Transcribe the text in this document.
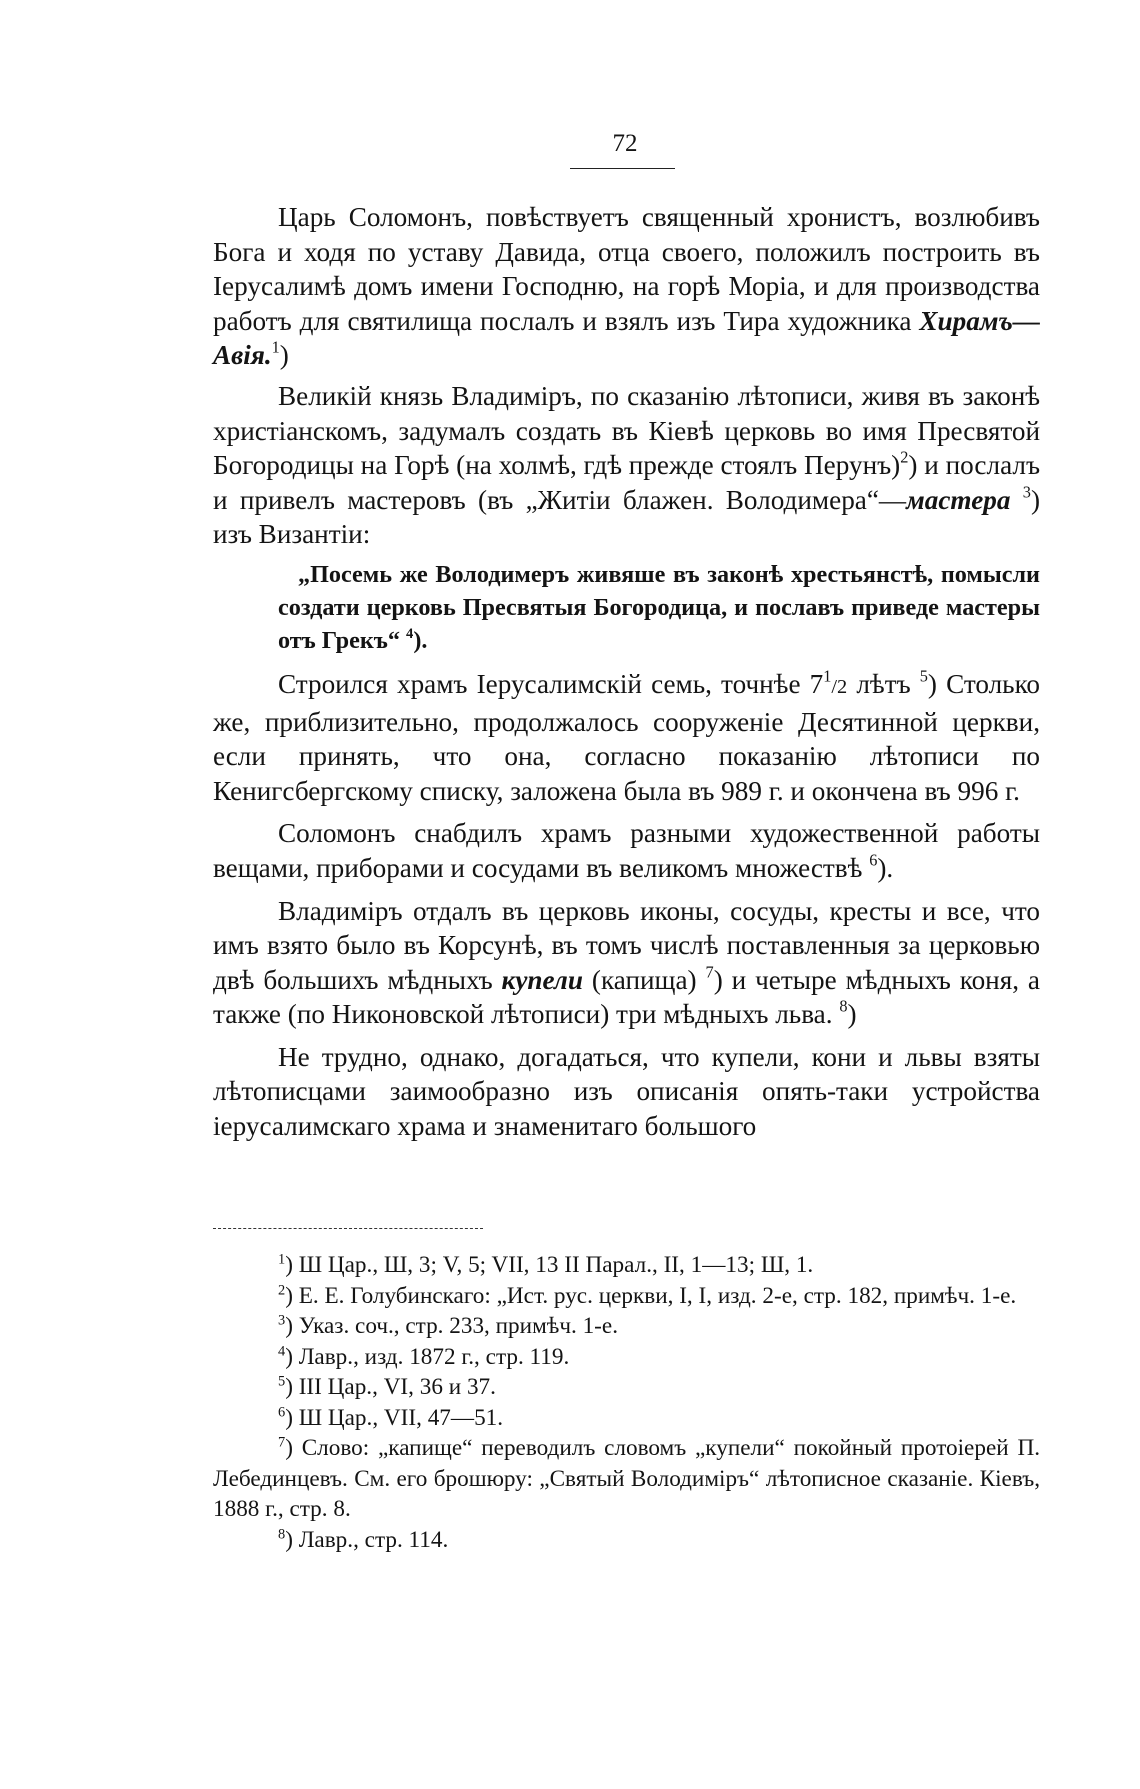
72

Царь Соломонъ, повѣствуетъ священный хронистъ, возлюбивъ Бога и ходя по уставу Давида, отца своего, положилъ построить въ Іерусалимѣ домъ имени Господню, на горѣ Моріа, и для производства работъ для святилища послалъ и взялъ изъ Тира художника Хирамъ—Авія.$^1$)

Великій князь Владиміръ, по сказанію лѣтописи, живя въ законѣ христіанскомъ, задумалъ создать въ Кіевѣ церковь во имя Пресвятой Богородицы на Горѣ (на холмѣ, гдѣ прежде стоялъ Перунъ)$^2$) и послалъ и привелъ мастеровъ (въ „Житіи блажен. Володимера“—мастера $^3$) изъ Византіи:

„Посемь же Володимеръ живяше въ законѣ хрестьянстѣ, помысли создати церковь Пресвятыя Богородица, и пославъ приведе мастеры отъ Грекъ“ $^4$).

Строился храмъ Іерусалимскій семь, точнѣе $7^1/2$ лѣтъ $^5$) Столько же, приблизительно, продолжалось сооруженіе Десятинной церкви, если принять, что она, согласно показанію лѣтописи по Кенигсбергскому списку, заложена была въ 989 г. и окончена въ 996 г.

Соломонъ снабдилъ храмъ разными художественной работы вещами, приборами и сосудами въ великомъ множествѣ $^6$).

Владиміръ отдалъ въ церковь иконы, сосуды, кресты и все, что имъ взято было въ Корсунѣ, въ томъ числѣ поставленныя за церковью двѣ большихъ мѣдныхъ купели (капища) $^7$) и четыре мѣдныхъ коня, а также (по Никоновской лѣтописи) три мѣдныхъ льва. $^8$)

Не трудно, однако, догадаться, что купели, кони и львы взяты лѣтописцами заимообразно изъ описанія опять-таки устройства іерусалимскаго храма и знаменитаго большого

$^1$) Ш Цар., Ш, 3; V, 5; VII, 13 II Парал., II, 1—13; Ш, 1.

$^2$) Е. Е. Голубинскаго: „Ист. рус. церкви, I, I, изд. 2-е, стр. 182, примѣч. 1-е.

$^3$) Указ. соч., стр. 233, примѣч. 1-е.

$^4$) Лавр., изд. 1872 г., стр. 119.

$^5$) III Цар., VI, 36 и 37.

$^6$) Ш Цар., VII, 47—51.

$^7$) Слово: „капище“ переводилъ словомъ „купели“ покойный протоіерей П. Лебединцевъ. См. его брошюру: „Святый Володиміръ“ лѣтописное сказаніе. Кіевъ, 1888 г., стр. 8.

$^8$) Лавр., стр. 114.
